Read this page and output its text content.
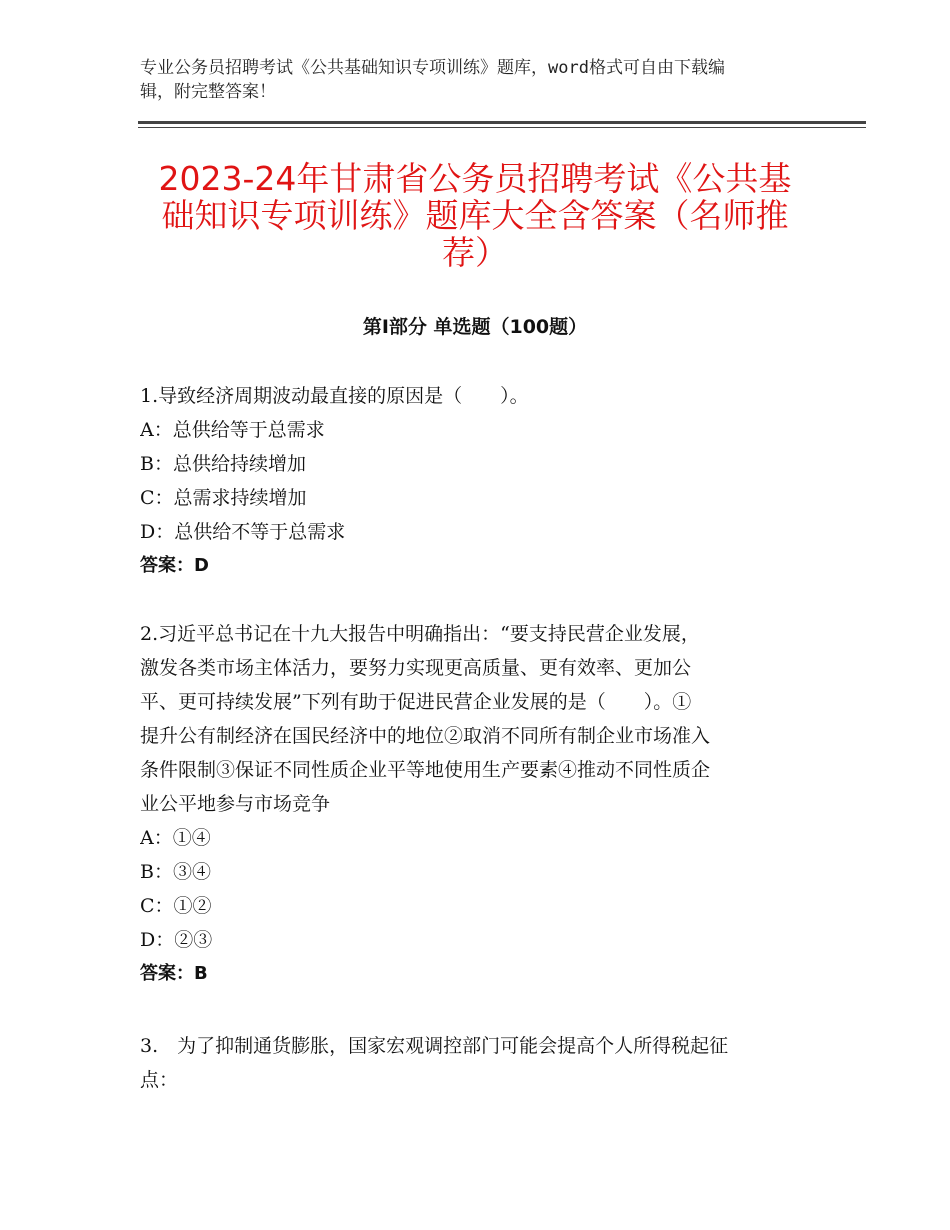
专业公务员招聘考试《公共基础知识专项训练》题库，word格式可自由下载编
辑，附完整答案！
2023-24年甘肃省公务员招聘考试《公共基
础知识专项训练》题库大全含答案（名师推
荐）
第Ⅰ部分 单选题（100题）
1.导致经济周期波动最直接的原因是（　　）。
A：总供给等于总需求
B：总供给持续增加
C：总需求持续增加
D：总供给不等于总需求
答案：D
2.习近平总书记在十九大报告中明确指出：“要支持民营企业发展，
激发各类市场主体活力，要努力实现更高质量、更有效率、更加公
平、更可持续发展”下列有助于促进民营企业发展的是（　　）。①
提升公有制经济在国民经济中的地位②取消不同所有制企业市场准入
条件限制③保证不同性质企业平等地使用生产要素④推动不同性质企
业公平地参与市场竞争
A：①④
B：③④
C：①②
D：②③
答案：B
3.　为了抑制通货膨胀，国家宏观调控部门可能会提高个人所得税起征
点：
